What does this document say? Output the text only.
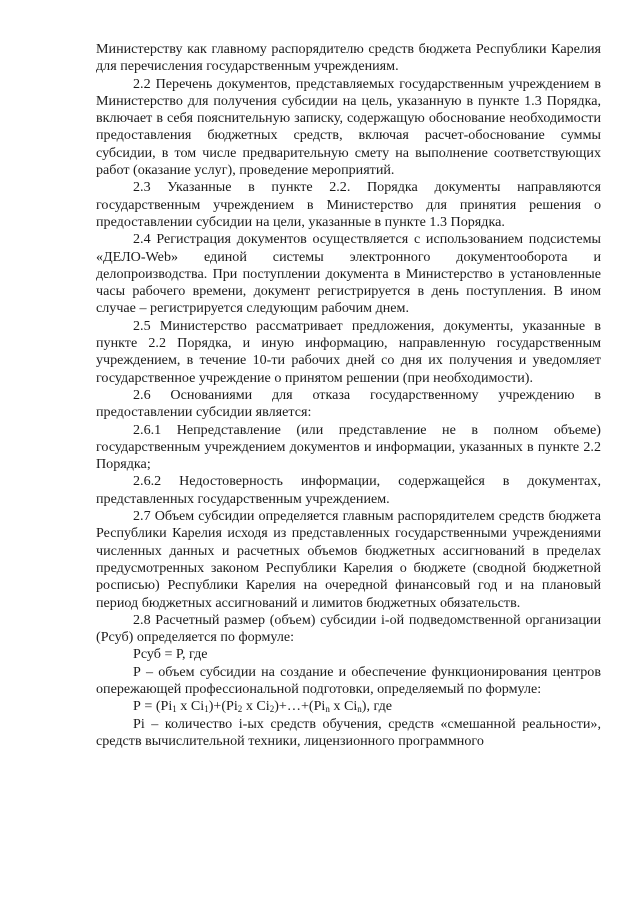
Министерству как главному распорядителю средств бюджета Республики Карелия для перечисления государственным учреждениям.

2.2 Перечень документов, представляемых государственным учреждением в Министерство для получения субсидии на цель, указанную в пункте 1.3 Порядка, включает в себя пояснительную записку, содержащую обоснование необходимости предоставления бюджетных средств, включая расчет-обоснование суммы субсидии, в том числе предварительную смету на выполнение соответствующих работ (оказание услуг), проведение мероприятий.

2.3 Указанные в пункте 2.2. Порядка документы направляются государственным учреждением в Министерство для принятия решения о предоставлении субсидии на цели, указанные в пункте 1.3 Порядка.

2.4 Регистрация документов осуществляется с использованием подсистемы «ДЕЛО-Web» единой системы электронного документооборота и делопроизводства. При поступлении документа в Министерство в установленные часы рабочего времени, документ регистрируется в день поступления. В ином случае – регистрируется следующим рабочим днем.

2.5 Министерство рассматривает предложения, документы, указанные в пункте 2.2 Порядка, и иную информацию, направленную государственным учреждением, в течение 10-ти рабочих дней со дня их получения и уведомляет государственное учреждение о принятом решении (при необходимости).

2.6 Основаниями для отказа государственному учреждению в предоставлении субсидии является:

2.6.1 Непредставление (или представление не в полном объеме) государственным учреждением документов и информации, указанных в пункте 2.2 Порядка;

2.6.2 Недостоверность информации, содержащейся в документах, представленных государственным учреждением.

2.7 Объем субсидии определяется главным распорядителем средств бюджета Республики Карелия исходя из представленных государственными учреждениями численных данных и расчетных объемов бюджетных ассигнований в пределах предусмотренных законом Республики Карелия о бюджете (сводной бюджетной росписью) Республики Карелия на очередной финансовый год и на плановый период бюджетных ассигнований и лимитов бюджетных обязательств.

2.8 Расчетный размер (объем) субсидии i-ой подведомственной организации (Рсуб) определяется по формуле:

Рсуб = Р, где

Р – объем субсидии на создание и обеспечение функционирования центров опережающей профессиональной подготовки, определяемый по формуле:

$Р = (Pi_1$ х $Ci_1)+(Pi_2$ х $Ci_2)+\dots+(Pi_n$ х $Ci_n$), где

Pi – количество i-ых средств обучения, средств «смешанной реальности», средств вычислительной техники, лицензионного программного
